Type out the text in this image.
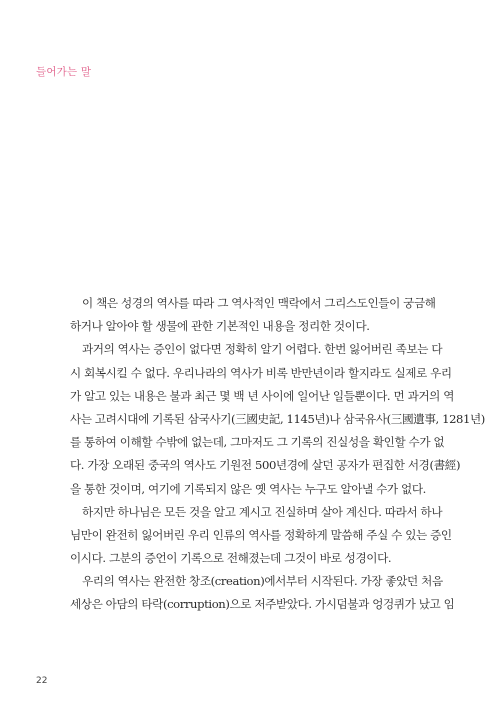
들어가는 말
이 책은 성경의 역사를 따라 그 역사적인 맥락에서 그리스도인들이 궁금해
하거나 알아야 할 생물에 관한 기본적인 내용을 정리한 것이다.
과거의 역사는 증인이 없다면 정확히 알기 어렵다. 한번 잃어버린 족보는 다
시 회복시킬 수 없다. 우리나라의 역사가 비록 반만년이라 할지라도 실제로 우리
가 알고 있는 내용은 불과 최근 몇 백 년 사이에 일어난 일들뿐이다. 먼 과거의 역
사는 고려시대에 기록된 삼국사기(三國史記, 1145년)나 삼국유사(三國遺事, 1281년)
를 통하여 이해할 수밖에 없는데, 그마저도 그 기록의 진실성을 확인할 수가 없
다. 가장 오래된 중국의 역사도 기원전 500년경에 살던 공자가 편집한 서경(書經)
을 통한 것이며, 여기에 기록되지 않은 옛 역사는 누구도 알아낼 수가 없다.
하지만 하나님은 모든 것을 알고 계시고 진실하며 살아 계신다. 따라서 하나
님만이 완전히 잃어버린 우리 인류의 역사를 정확하게 말씀해 주실 수 있는 증인
이시다. 그분의 증언이 기록으로 전해졌는데 그것이 바로 성경이다.
우리의 역사는 완전한 창조(creation)에서부터 시작된다. 가장 좋았던 처음
세상은 아담의 타락(corruption)으로 저주받았다. 가시덤불과 엉겅퀴가 났고 임
22
